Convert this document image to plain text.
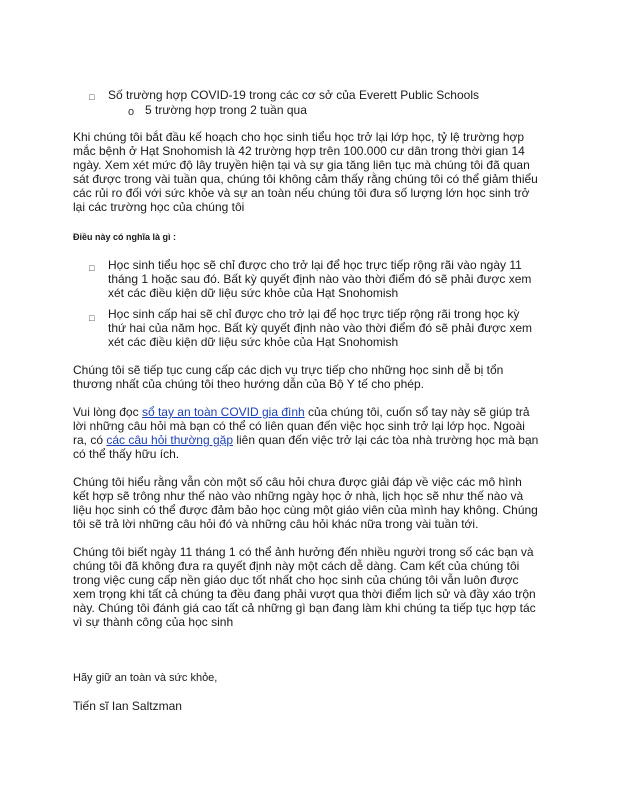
□ Số trường hợp COVID-19 trong các cơ sở của Everett Public Schools
o 5 trường hợp trong 2 tuần qua
Khi chúng tôi bắt đầu kế hoạch cho học sinh tiểu học trở lại lớp học, tỷ lệ trường hợp
mắc bệnh ở Hạt Snohomish là 42 trường hợp trên 100.000 cư dân trong thời gian 14
ngày. Xem xét mức độ lây truyền hiện tại và sự gia tăng liên tục mà chúng tôi đã quan
sát được trong vài tuần qua, chúng tôi không cảm thấy rằng chúng tôi có thể giảm thiểu
các rủi ro đối với sức khỏe và sự an toàn nếu chúng tôi đưa số lượng lớn học sinh trở
lại các trường học của chúng tôi
Điều này có nghĩa là gì :
□ Học sinh tiểu học sẽ chỉ được cho trở lại để học trực tiếp rộng rãi vào ngày 11
tháng 1 hoặc sau đó. Bất kỳ quyết định nào vào thời điểm đó sẽ phải được xem
xét các điều kiện dữ liệu sức khỏe của Hạt Snohomish
□ Học sinh cấp hai sẽ chỉ được cho trở lại để học trực tiếp rộng rãi trong học kỳ
thứ hai của năm học. Bất kỳ quyết định nào vào thời điểm đó sẽ phải được xem
xét các điều kiện dữ liệu sức khỏe của Hạt Snohomish
Chúng tôi sẽ tiếp tục cung cấp các dịch vụ trực tiếp cho những học sinh dễ bị tổn
thương nhất của chúng tôi theo hướng dẫn của Bộ Y tế cho phép.
Vui lòng đọc sổ tay an toàn COVID gia đình của chúng tôi, cuốn sổ tay này sẽ giúp trả
lời những câu hỏi mà bạn có thể có liên quan đến việc học sinh trở lại lớp học. Ngoài
ra, có các câu hỏi thường gặp liên quan đến việc trở lại các tòa nhà trường học mà bạn
có thể thấy hữu ích.
Chúng tôi hiểu rằng vẫn còn một số câu hỏi chưa được giải đáp về việc các mô hình
kết hợp sẽ trông như thế nào vào những ngày học ở nhà, lịch học sẽ như thế nào và
liệu học sinh có thể được đảm bảo học cùng một giáo viên của mình hay không. Chúng
tôi sẽ trả lời những câu hỏi đó và những câu hỏi khác nữa trong vài tuần tới.
Chúng tôi biết ngày 11 tháng 1 có thể ảnh hưởng đến nhiều người trong số các bạn và
chúng tôi đã không đưa ra quyết định này một cách dễ dàng. Cam kết của chúng tôi
trong việc cung cấp nền giáo dục tốt nhất cho học sinh của chúng tôi vẫn luôn được
xem trọng khi tất cả chúng ta đều đang phải vượt qua thời điểm lịch sử và đầy xáo trộn
này. Chúng tôi đánh giá cao tất cả những gì bạn đang làm khi chúng ta tiếp tục hợp tác
vì sự thành công của học sinh
Hãy giữ an toàn và sức khỏe,
Tiến sĩ Ian Saltzman
